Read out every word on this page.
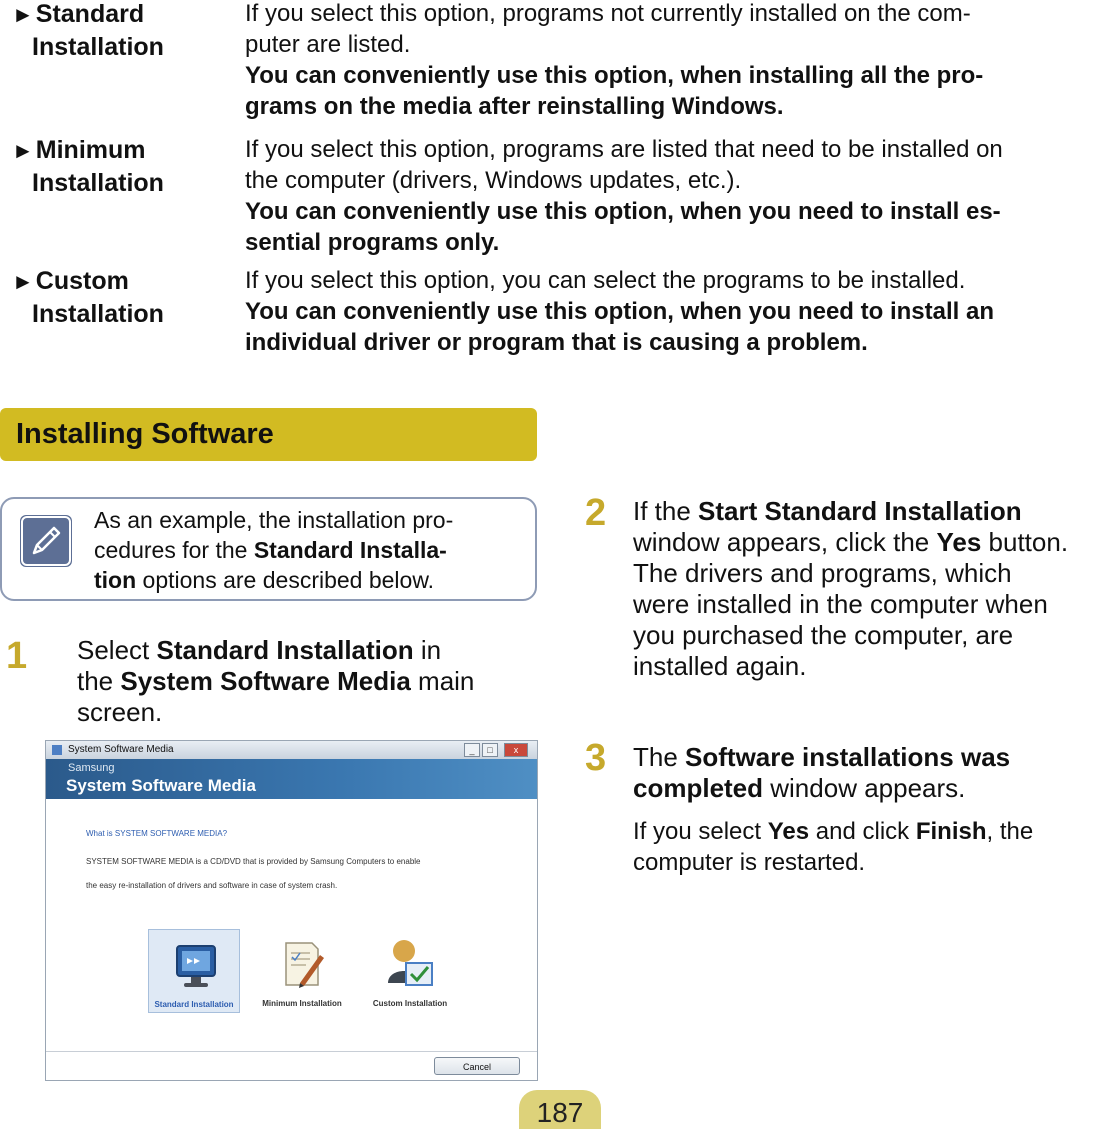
►Standard
Installation
If you select this option, programs not currently installed on the com-
puter are listed.
You can conveniently use this option, when installing all the pro-
grams on the media after reinstalling Windows.
►Minimum
Installation
If you select this option, programs are listed that need to be installed on
the computer (drivers, Windows updates, etc.).
You can conveniently use this option, when you need to install es-
sential programs only.
►Custom
Installation
If you select this option, you can select the programs to be installed.
You can conveniently use this option, when you need to install an
individual driver or program that is causing a problem.
Installing Software
As an example, the installation pro-
cedures for the Standard Installa-
tion options are described below.
1 Select Standard Installation in
the System Software Media main
screen.
System Software Media	_	□	x
Samsung
System Software Media
What is SYSTEM SOFTWARE MEDIA?
SYSTEM SOFTWARE MEDIA is a CD/DVD that is provided by Samsung Computers to enable
the easy re-installation of drivers and software in case of system crash.
Standard Installation	Minimum Installation	Custom Installation
Cancel
2 If the Start Standard Installation
window appears, click the Yes button.
The drivers and programs, which
were installed in the computer when
you purchased the computer, are
installed again.
3 The Software installations was
completed window appears.
If you select Yes and click Finish, the
computer is restarted.
187
